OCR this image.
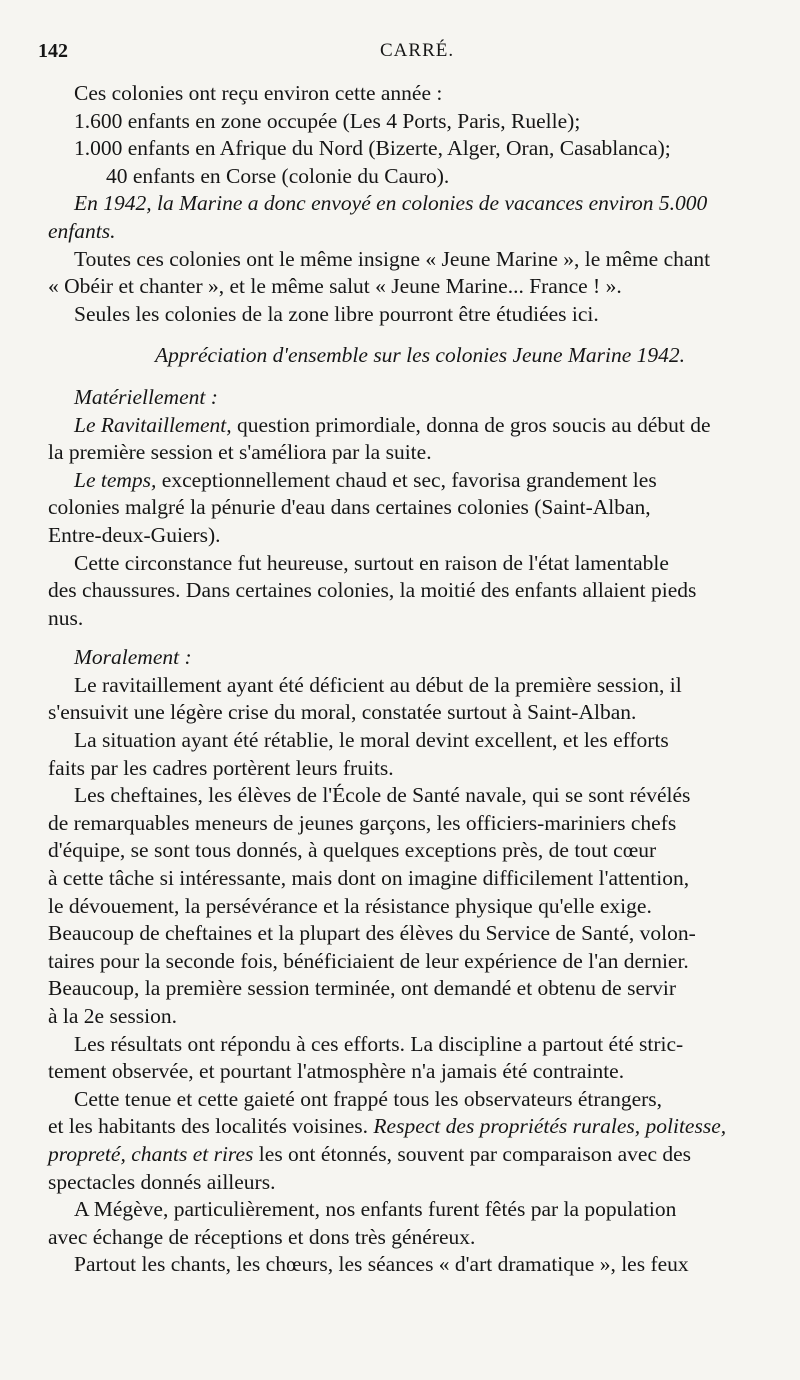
142	CARRÉ.
Ces colonies ont reçu environ cette année :
1.600 enfants en zone occupée (Les 4 Ports, Paris, Ruelle);
1.000 enfants en Afrique du Nord (Bizerte, Alger, Oran, Casablanca);
40 enfants en Corse (colonie du Cauro).
En 1942, la Marine a donc envoyé en colonies de vacances environ 5.000
enfants.
Toutes ces colonies ont le même insigne « Jeune Marine », le même chant
« Obéir et chanter », et le même salut « Jeune Marine... France ! ».
Seules les colonies de la zone libre pourront être étudiées ici.
Appréciation d'ensemble sur les colonies Jeune Marine 1942.
Matériellement :
Le Ravitaillement, question primordiale, donna de gros soucis au début de
la première session et s'améliora par la suite.
Le temps, exceptionnellement chaud et sec, favorisa grandement les
colonies malgré la pénurie d'eau dans certaines colonies (Saint-Alban,
Entre-deux-Guiers).
Cette circonstance fut heureuse, surtout en raison de l'état lamentable
des chaussures. Dans certaines colonies, la moitié des enfants allaient pieds
nus.
Moralement :
Le ravitaillement ayant été déficient au début de la première session, il
s'ensuivit une légère crise du moral, constatée surtout à Saint-Alban.
La situation ayant été rétablie, le moral devint excellent, et les efforts
faits par les cadres portèrent leurs fruits.
Les cheftaines, les élèves de l'École de Santé navale, qui se sont révélés
de remarquables meneurs de jeunes garçons, les officiers-mariniers chefs
d'équipe, se sont tous donnés, à quelques exceptions près, de tout cœur
à cette tâche si intéressante, mais dont on imagine difficilement l'attention,
le dévouement, la persévérance et la résistance physique qu'elle exige.
Beaucoup de cheftaines et la plupart des élèves du Service de Santé, volon-
taires pour la seconde fois, bénéficiaient de leur expérience de l'an dernier.
Beaucoup, la première session terminée, ont demandé et obtenu de servir
à la 2e session.
Les résultats ont répondu à ces efforts. La discipline a partout été stric-
tement observée, et pourtant l'atmosphère n'a jamais été contrainte.
Cette tenue et cette gaieté ont frappé tous les observateurs étrangers,
et les habitants des localités voisines. Respect des propriétés rurales, politesse,
propreté, chants et rires les ont étonnés, souvent par comparaison avec des
spectacles donnés ailleurs.
A Mégève, particulièrement, nos enfants furent fêtés par la population
avec échange de réceptions et dons très généreux.
Partout les chants, les chœurs, les séances « d'art dramatique », les feux
